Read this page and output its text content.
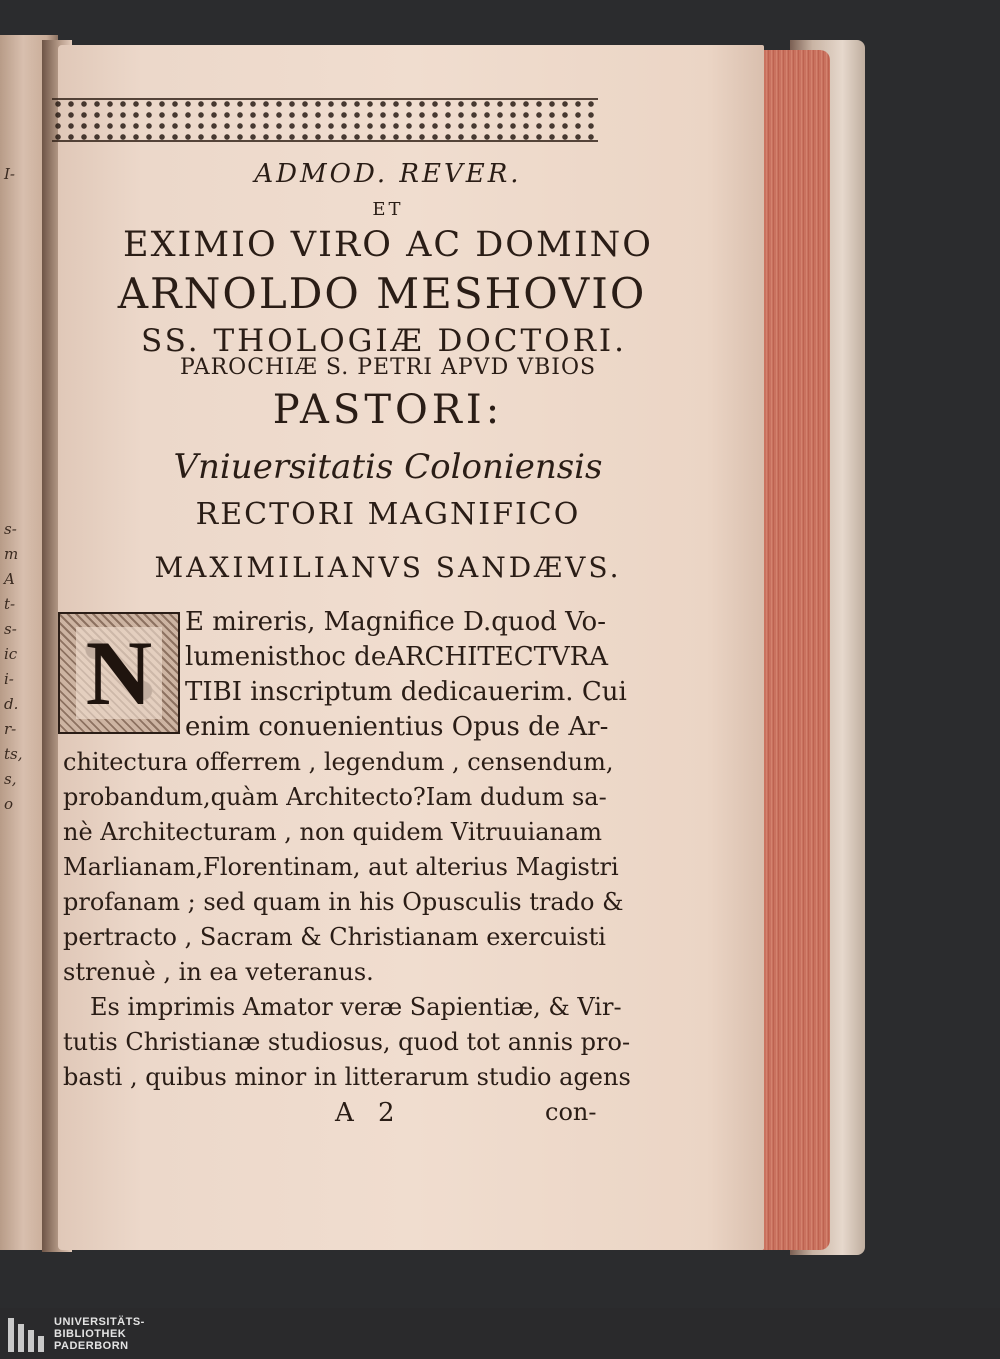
I-
s-
m
A
t-
s-
ic
i-
d.
r-
ts,
s,
o
ADMOD. REVER.
ET
EXIMIO VIRO AC DOMINO
ARNOLDO MESHOVIO
SS. THOLOGIÆ DOCTORI.
PAROCHIÆ S. PETRI APVD VBIOS
PASTORI:
Vniuersitatis Coloniensis
RECTORI MAGNIFICO
MAXIMILIANVS SANDÆVS.
N	E mireris, Magnifice D.quod Vo-
lumenisthoc deARCHITECTVRA
TIBI inscriptum dedicauerim. Cui
enim conuenientius Opus de Ar-
chitectura offerrem , legendum , censendum,
probandum,quàm Architecto?Iam dudum sa-
nè Architecturam , non quidem Vitruuianam
Marlianam,Florentinam, aut alterius Magistri
profanam ; sed quam in his Opusculis trado &
pertracto , Sacram & Christianam exercuisti
strenuè , in ea veteranus.
Es imprimis Amator veræ Sapientiæ, & Vir-
tutis Christianæ studiosus, quod tot annis pro-
basti , quibus minor in litterarum studio agens
A 2	con-
UNIVERSITÄTS-
BIBLIOTHEK
PADERBORN
